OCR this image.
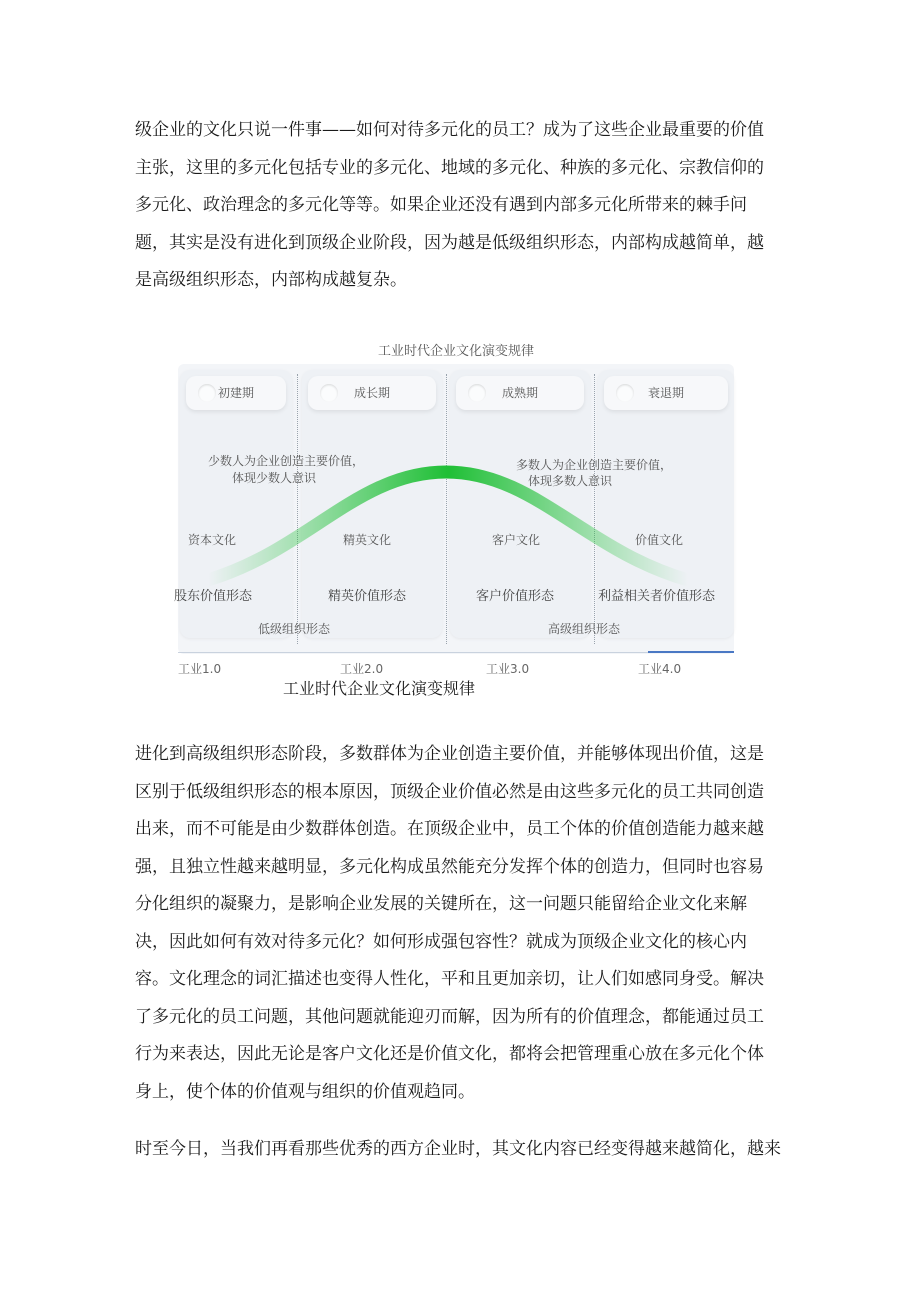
级企业的文化只说一件事——如何对待多元化的员工？成为了这些企业最重要的价值
主张，这里的多元化包括专业的多元化、地域的多元化、种族的多元化、宗教信仰的
多元化、政治理念的多元化等等。如果企业还没有遇到内部多元化所带来的棘手问
题，其实是没有进化到顶级企业阶段，因为越是低级组织形态，内部构成越简单，越
是高级组织形态，内部构成越复杂。
工业时代企业文化演变规律
初建期	成长期	成熟期	衰退期
少数人为企业创造主要价值，
体现少数人意识
多数人为企业创造主要价值，
体现多数人意识
资本文化	精英文化	客户文化	价值文化
股东价值形态	精英价值形态	客户价值形态	利益相关者价值形态
低级组织形态	高级组织形态
工业1.0	工业2.0	工业3.0	工业4.0
工业时代企业文化演变规律
进化到高级组织形态阶段，多数群体为企业创造主要价值，并能够体现出价值，这是
区别于低级组织形态的根本原因，顶级企业价值必然是由这些多元化的员工共同创造
出来，而不可能是由少数群体创造。在顶级企业中，员工个体的价值创造能力越来越
强，且独立性越来越明显，多元化构成虽然能充分发挥个体的创造力，但同时也容易
分化组织的凝聚力，是影响企业发展的关键所在，这一问题只能留给企业文化来解
决，因此如何有效对待多元化？如何形成强包容性？就成为顶级企业文化的核心内
容。文化理念的词汇描述也变得人性化，平和且更加亲切，让人们如感同身受。解决
了多元化的员工问题，其他问题就能迎刃而解，因为所有的价值理念，都能通过员工
行为来表达，因此无论是客户文化还是价值文化，都将会把管理重心放在多元化个体
身上，使个体的价值观与组织的价值观趋同。
时至今日，当我们再看那些优秀的西方企业时，其文化内容已经变得越来越简化，越来
